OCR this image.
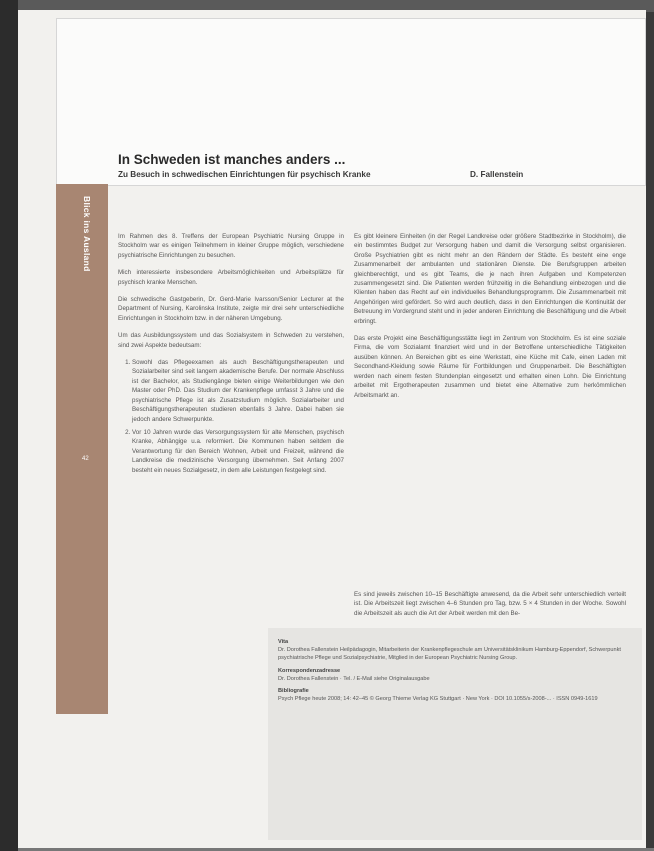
In Schweden ist manches anders ...
Zu Besuch in schwedischen Einrichtungen für psychisch Kranke	D. Fallenstein
Blick ins Ausland
42

Im Rahmen des 8. Treffens der European Psychiatric Nursing Gruppe in Stockholm war es einigen Teilnehmern in kleiner Gruppe möglich, verschiedene psychiatrische Einrichtungen zu besuchen.

Mich interessierte insbesondere Arbeitsmöglichkeiten und Arbeitsplätze für psychisch kranke Menschen.

Die schwedische Gastgeberin, Dr. Gerd-Marie Ivarsson/Senior Lecturer at the Department of Nursing, Karolinska Institute, zeigte mir drei sehr unterschiedliche Einrichtungen in Stockholm bzw. in der näheren Umgebung.

Um das Ausbildungssystem und das Sozialsystem in Schweden zu verstehen, sind zwei Aspekte bedeutsam:

1. Sowohl das Pflegeexamen als auch Beschäftigungstherapeuten und Sozialarbeiter sind seit langem akademische Berufe. Der normale Abschluss ist der Bachelor, als Studiengänge bieten einige Weiterbildungen wie den Master oder PhD. Das Studium der Krankenpflege umfasst 3 Jahre und die psychiatrische Pflege ist als Zusatzstudium möglich. Sozialarbeiter und Beschäftigungstherapeuten studieren ebenfalls 3 Jahre. Dabei haben sie jedoch andere Schwerpunkte.
2. Vor 10 Jahren wurde das Versorgungssystem für alte Menschen, psychisch Kranke, Abhängige u.a. reformiert. Die Kommunen haben seitdem die Verantwortung für den Bereich Wohnen, Arbeit und Freizeit, während die Landkreise die medizinische Versorgung übernehmen. Seit Anfang 2007 besteht ein neues Sozialgesetz, in dem alle Leistungen festgelegt sind.

Es gibt kleinere Einheiten (in der Regel Landkreise oder größere Stadtbezirke in Stockholm), die ein bestimmtes Budget zur Versorgung haben und damit die Versorgung selbst organisieren. Große Psychiatrien gibt es nicht mehr an den Rändern der Städte. Es besteht eine enge Zusammenarbeit der ambulanten und stationären Dienste. Die Berufsgruppen arbeiten gleichberechtigt, und es gibt Teams, die je nach ihren Aufgaben und Kompetenzen zusammengesetzt sind. Die Patienten werden frühzeitig in die Behandlung einbezogen und die Klienten haben das Recht auf ein individuelles Behandlungsprogramm. Die Zusammenarbeit mit Angehörigen wird gefördert. So wird auch deutlich, dass in den Einrichtungen die Kontinuität der Betreuung im Vordergrund steht und in jeder anderen Einrichtung die Beschäftigung und die Arbeit erbringt.

Das erste Projekt eine Beschäftigungsstätte liegt im Zentrum von Stockholm. Es ist eine soziale Firma, die vom Sozialamt finanziert wird und in der Betroffene unterschiedliche Tätigkeiten ausüben können. An Bereichen gibt es eine Werkstatt, eine Küche mit Cafe, einen Laden mit Secondhand-Kleidung sowie Räume für Fortbildungen und Gruppenarbeit. Die Beschäftigten werden nach einem festen Stundenplan eingesetzt und erhalten einen Lohn. Die Einrichtung arbeitet mit Ergotherapeuten zusammen und bietet eine Alternative zum herkömmlichen Arbeitsmarkt an.

Es sind jeweils zwischen 10–15 Beschäftigte anwesend, da die Arbeit sehr unterschiedlich verteilt ist. Die Arbeitszeit liegt zwischen 4–6 Stunden pro Tag, bzw. 5 × 4 Stunden in der Woche. Sowohl die Arbeitszeit als auch die Art der Arbeit werden mit den Be-

Vita
Dr. Dorothea Fallenstein Heilpädagogin, Mitarbeiterin der Krankenpflegeschule am Universitätsklinikum Hamburg-Eppendorf, Schwerpunkt psychiatrische Pflege und Sozialpsychiatrie, Mitglied in der European Psychiatric Nursing Group.
Korrespondenzadresse
Dr. Dorothea Fallenstein · Tel. / E-Mail siehe Originalausgabe
Bibliografie
Psych Pflege heute 2008; 14: 42–45 © Georg Thieme Verlag KG Stuttgart · New York · DOI 10.1055/s-2008-... · ISSN 0949-1619
